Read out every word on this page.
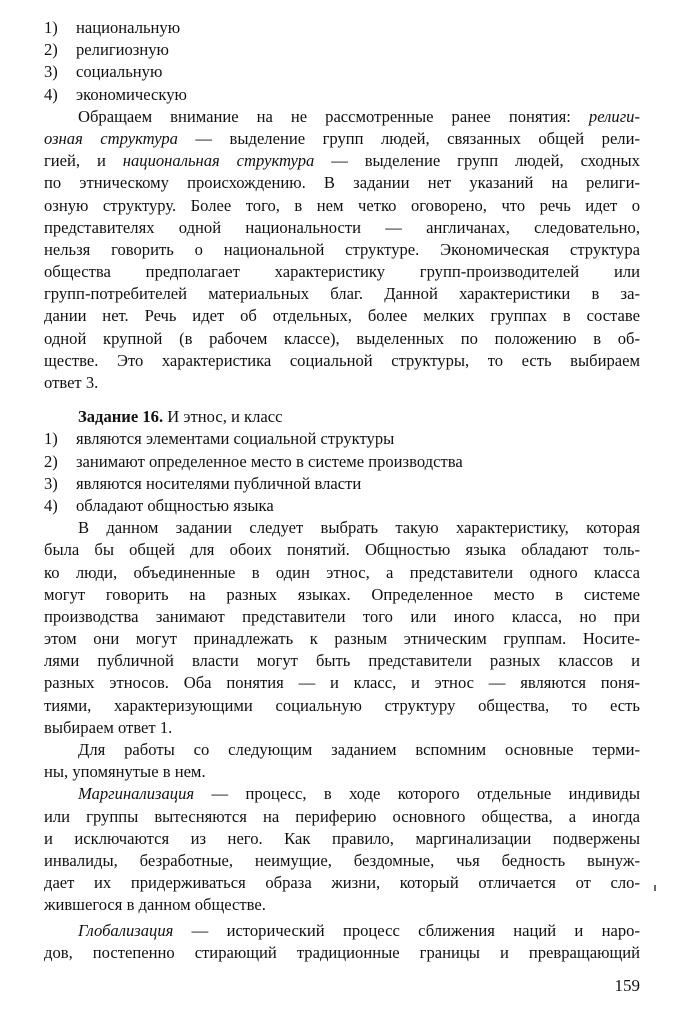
1)	национальную
2)	религиозную
3)	социальную
4)	экономическую
Обращаем внимание на не рассмотренные ранее понятия: религи-
озная структура — выделение групп людей, связанных общей рели-
гией, и национальная структура — выделение групп людей, сходных
по этническому происхождению. В задании нет указаний на религи-
озную структуру. Более того, в нем четко оговорено, что речь идет о
представителях одной национальности — англичанах, следовательно,
нельзя говорить о национальной структуре. Экономическая структура
общества предполагает характеристику групп-производителей или
групп-потребителей материальных благ. Данной характеристики в за-
дании нет. Речь идет об отдельных, более мелких группах в составе
одной крупной (в рабочем классе), выделенных по положению в об-
ществе. Это характеристика социальной структуры, то есть выбираем
ответ 3.
Задание 16. И этнос, и класс
1)	являются элементами социальной структуры
2)	занимают определенное место в системе производства
3)	являются носителями публичной власти
4)	обладают общностью языка
В данном задании следует выбрать такую характеристику, которая
была бы общей для обоих понятий. Общностью языка обладают толь-
ко люди, объединенные в один этнос, а представители одного класса
могут говорить на разных языках. Определенное место в системе
производства занимают представители того или иного класса, но при
этом они могут принадлежать к разным этническим группам. Носите-
лями публичной власти могут быть представители разных классов и
разных этносов. Оба понятия — и класс, и этнос — являются поня-
тиями, характеризующими социальную структуру общества, то есть
выбираем ответ 1.
Для работы со следующим заданием вспомним основные терми-
ны, упомянутые в нем.
Маргинализация — процесс, в ходе которого отдельные индивиды
или группы вытесняются на периферию основного общества, а иногда
и исключаются из него. Как правило, маргинализации подвержены
инвалиды, безработные, неимущие, бездомные, чья бедность вынуж-
дает их придерживаться образа жизни, который отличается от сло-
жившегося в данном обществе.
Глобализация — исторический процесс сближения наций и наро-
дов, постепенно стирающий традиционные границы и превращающий
159
